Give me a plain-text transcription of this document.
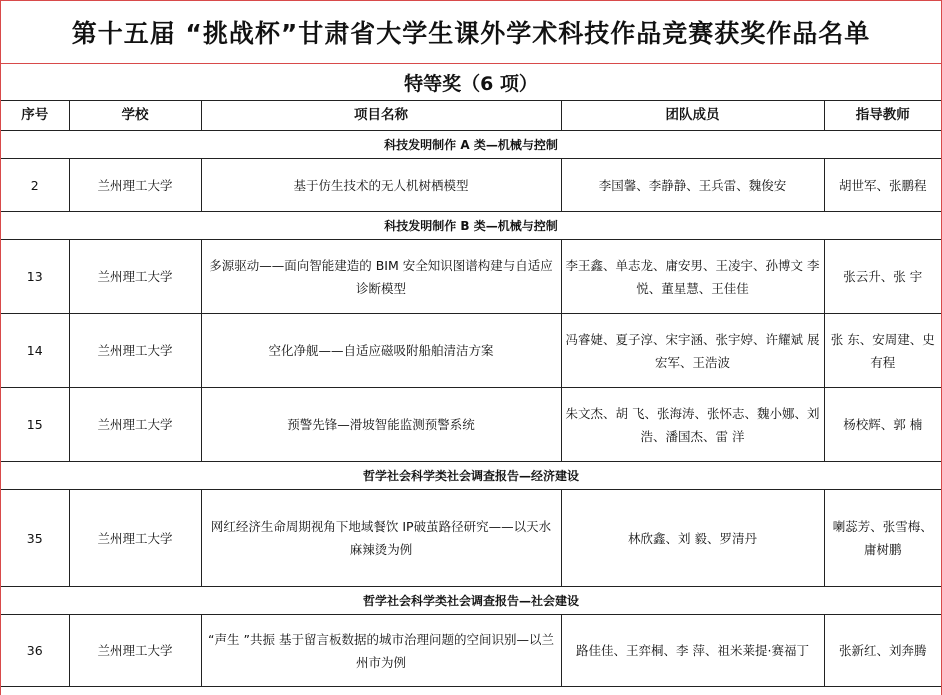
第十五届 “挑战杯”甘肃省大学生课外学术科技作品竞赛获奖作品名单
特等奖（6 项）
序号	学校	项目名称	团队成员	指导教师
科技发明制作 A 类—机械与控制				
2	兰州理工大学	基于仿生技术的无人机树栖模型	李国馨、李静静、王兵雷、魏俊安	胡世军、张鹏程
科技发明制作 B 类—机械与控制				
13	兰州理工大学	多源驱动——面向智能建造的 BIM 安全知识图谱构建与自适应诊断模型	李王鑫、单志龙、庸安男、王凌宇、孙博文 李 悦、董星慧、王佳佳	张云升、张 宇
14	兰州理工大学	空化净舰——自适应磁吸附船舶清洁方案	冯睿婕、夏子淳、宋宇涵、张宇婷、许耀斌 展宏军、王浩波	张 东、安周建、史有程
15	兰州理工大学	预警先锋—滑坡智能监测预警系统	朱文杰、胡 飞、张海涛、张怀志、魏小娜、刘 浩、潘国杰、雷 洋	杨校辉、郭 楠
哲学社会科学类社会调查报告—经济建设				
35	兰州理工大学	网红经济生命周期视角下地域餐饮 IP破茧路径研究——以天水麻辣烫为例	林欣鑫、刘 毅、罗清丹	喇蕊芳、张雪梅、庸树鹏
哲学社会科学类社会调查报告—社会建设				
36	兰州理工大学	“声生 ”共振 基于留言板数据的城市治理问题的空间识别—以兰州市为例	路佳佳、王弈桐、李 萍、祖米莱提·赛福丁	张新红、刘奔腾
